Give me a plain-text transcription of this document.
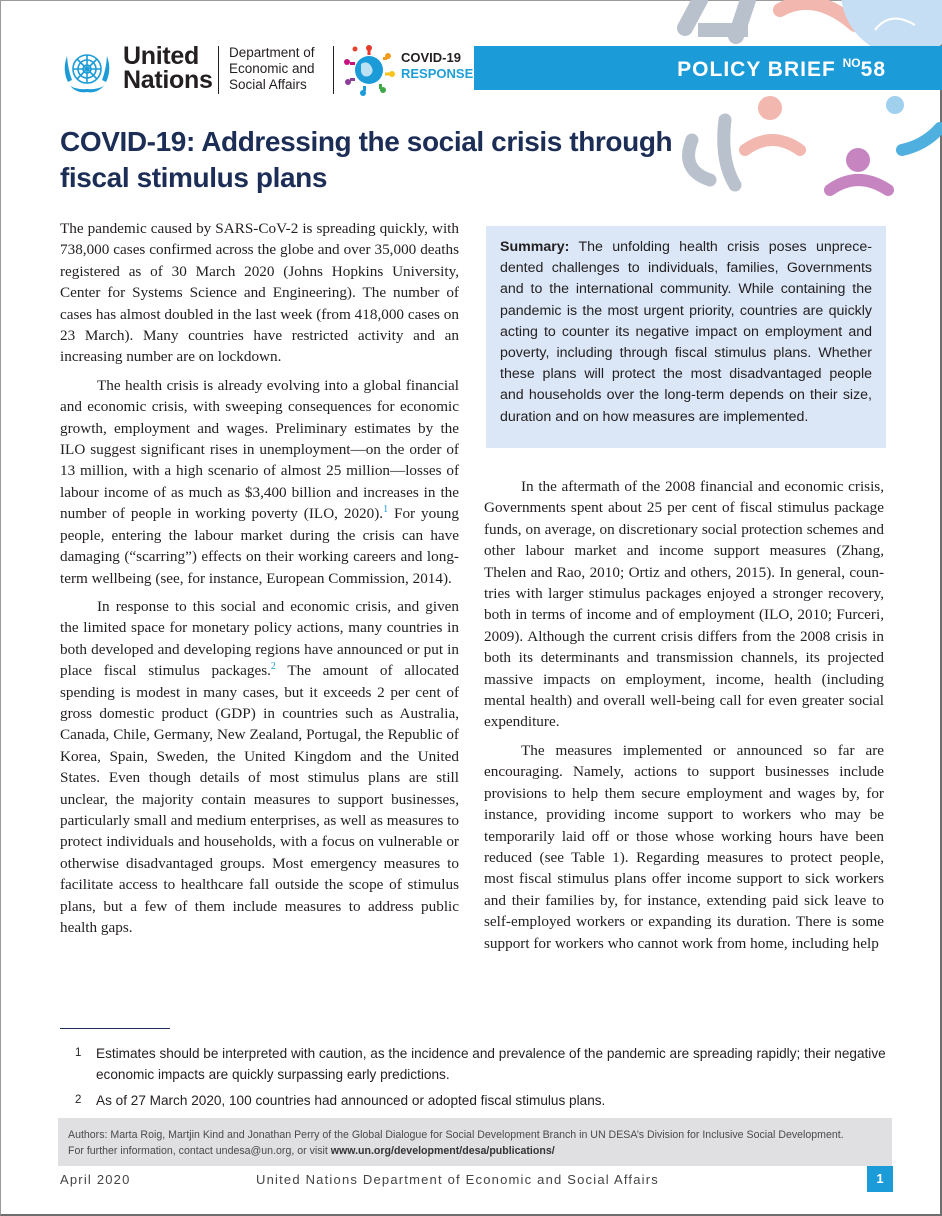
POLICY BRIEF $^{NO}$58
United
Nations
Department of
Economic and
Social Affairs
COVID-19
RESPONSE
COVID-19: Addressing the social crisis through fiscal stimulus plans

The pandemic caused by SARS-CoV-2 is spreading quickly, with 738,000 cases confirmed across the globe and over 35,000 deaths registered as of 30 March 2020 (Johns Hopkins University, Center for Systems Science and Engineering). The number of cases has almost doubled in the last week (from 418,000 cases on 23 March). Many countries have restricted activity and an increasing number are on lockdown.

The health crisis is already evolving into a global financial and economic crisis, with sweeping consequences for economic growth, employment and wages. Preliminary estimates by the ILO suggest significant rises in unemployment—on the order of 13 million, with a high scenario of almost 25 million—losses of labour income of as much as $3,400 billion and increases in the number of people in working poverty (ILO, 2020).$^1$ For young people, entering the labour market during the crisis can have damaging (“scarring”) effects on their working careers and long-term wellbeing (see, for instance, European Commission, 2014).

In response to this social and economic crisis, and given the limited space for monetary policy actions, many countries in both developed and developing regions have announced or put in place fiscal stimulus packages.$^2$ The amount of allocated spending is modest in many cases, but it exceeds 2 per cent of gross domestic product (GDP) in countries such as Australia, Canada, Chile, Germany, New Zealand, Portugal, the Republic of Korea, Spain, Sweden, the United Kingdom and the United States. Even though details of most stimulus plans are still unclear, the majority contain measures to support businesses, particularly small and medium enterprises, as well as measures to protect individuals and households, with a focus on vulnerable or otherwise disadvantaged groups. Most emergency measures to facilitate access to healthcare fall outside the scope of stimulus plans, but a few of them include measures to address public health gaps.

Summary: The unfolding health crisis poses unprecedented challenges to individuals, families, Governments and to the international community. While containing the pandemic is the most urgent priority, countries are quickly acting to counter its negative impact on employment and poverty, including through fiscal stimulus plans. Whether these plans will protect the most disadvantaged people and households over the long-term depends on their size, duration and on how measures are implemented.

In the aftermath of the 2008 financial and economic crisis, Governments spent about 25 per cent of fiscal stimulus package funds, on average, on discretionary social protection schemes and other labour market and income support measures (Zhang, Thelen and Rao, 2010; Ortiz and others, 2015). In general, countries with larger stimulus packages enjoyed a stronger recovery, both in terms of income and of employment (ILO, 2010; Furceri, 2009). Although the current crisis differs from the 2008 crisis in both its determinants and transmission channels, its projected massive impacts on employment, income, health (including mental health) and overall well-being call for even greater social expenditure.

The measures implemented or announced so far are encouraging. Namely, actions to support businesses include provisions to help them secure employment and wages by, for instance, providing income support to workers who may be temporarily laid off or those whose working hours have been reduced (see Table 1). Regarding measures to protect people, most fiscal stimulus plans offer income support to sick workers and their families by, for instance, extending paid sick leave to self-employed workers or expanding its duration. There is some support for workers who cannot work from home, including help

1 Estimates should be interpreted with caution, as the incidence and prevalence of the pandemic are spreading rapidly; their negative economic impacts are quickly surpassing early predictions.
2 As of 27 March 2020, 100 countries had announced or adopted fiscal stimulus plans.
Authors: Marta Roig, Martjin Kind and Jonathan Perry of the Global Dialogue for Social Development Branch in UN DESA’s Division for Inclusive Social Development.
For further information, contact undesa@un.org, or visit www.un.org/development/desa/publications/
April 2020	United Nations Department of Economic and Social Affairs	1
